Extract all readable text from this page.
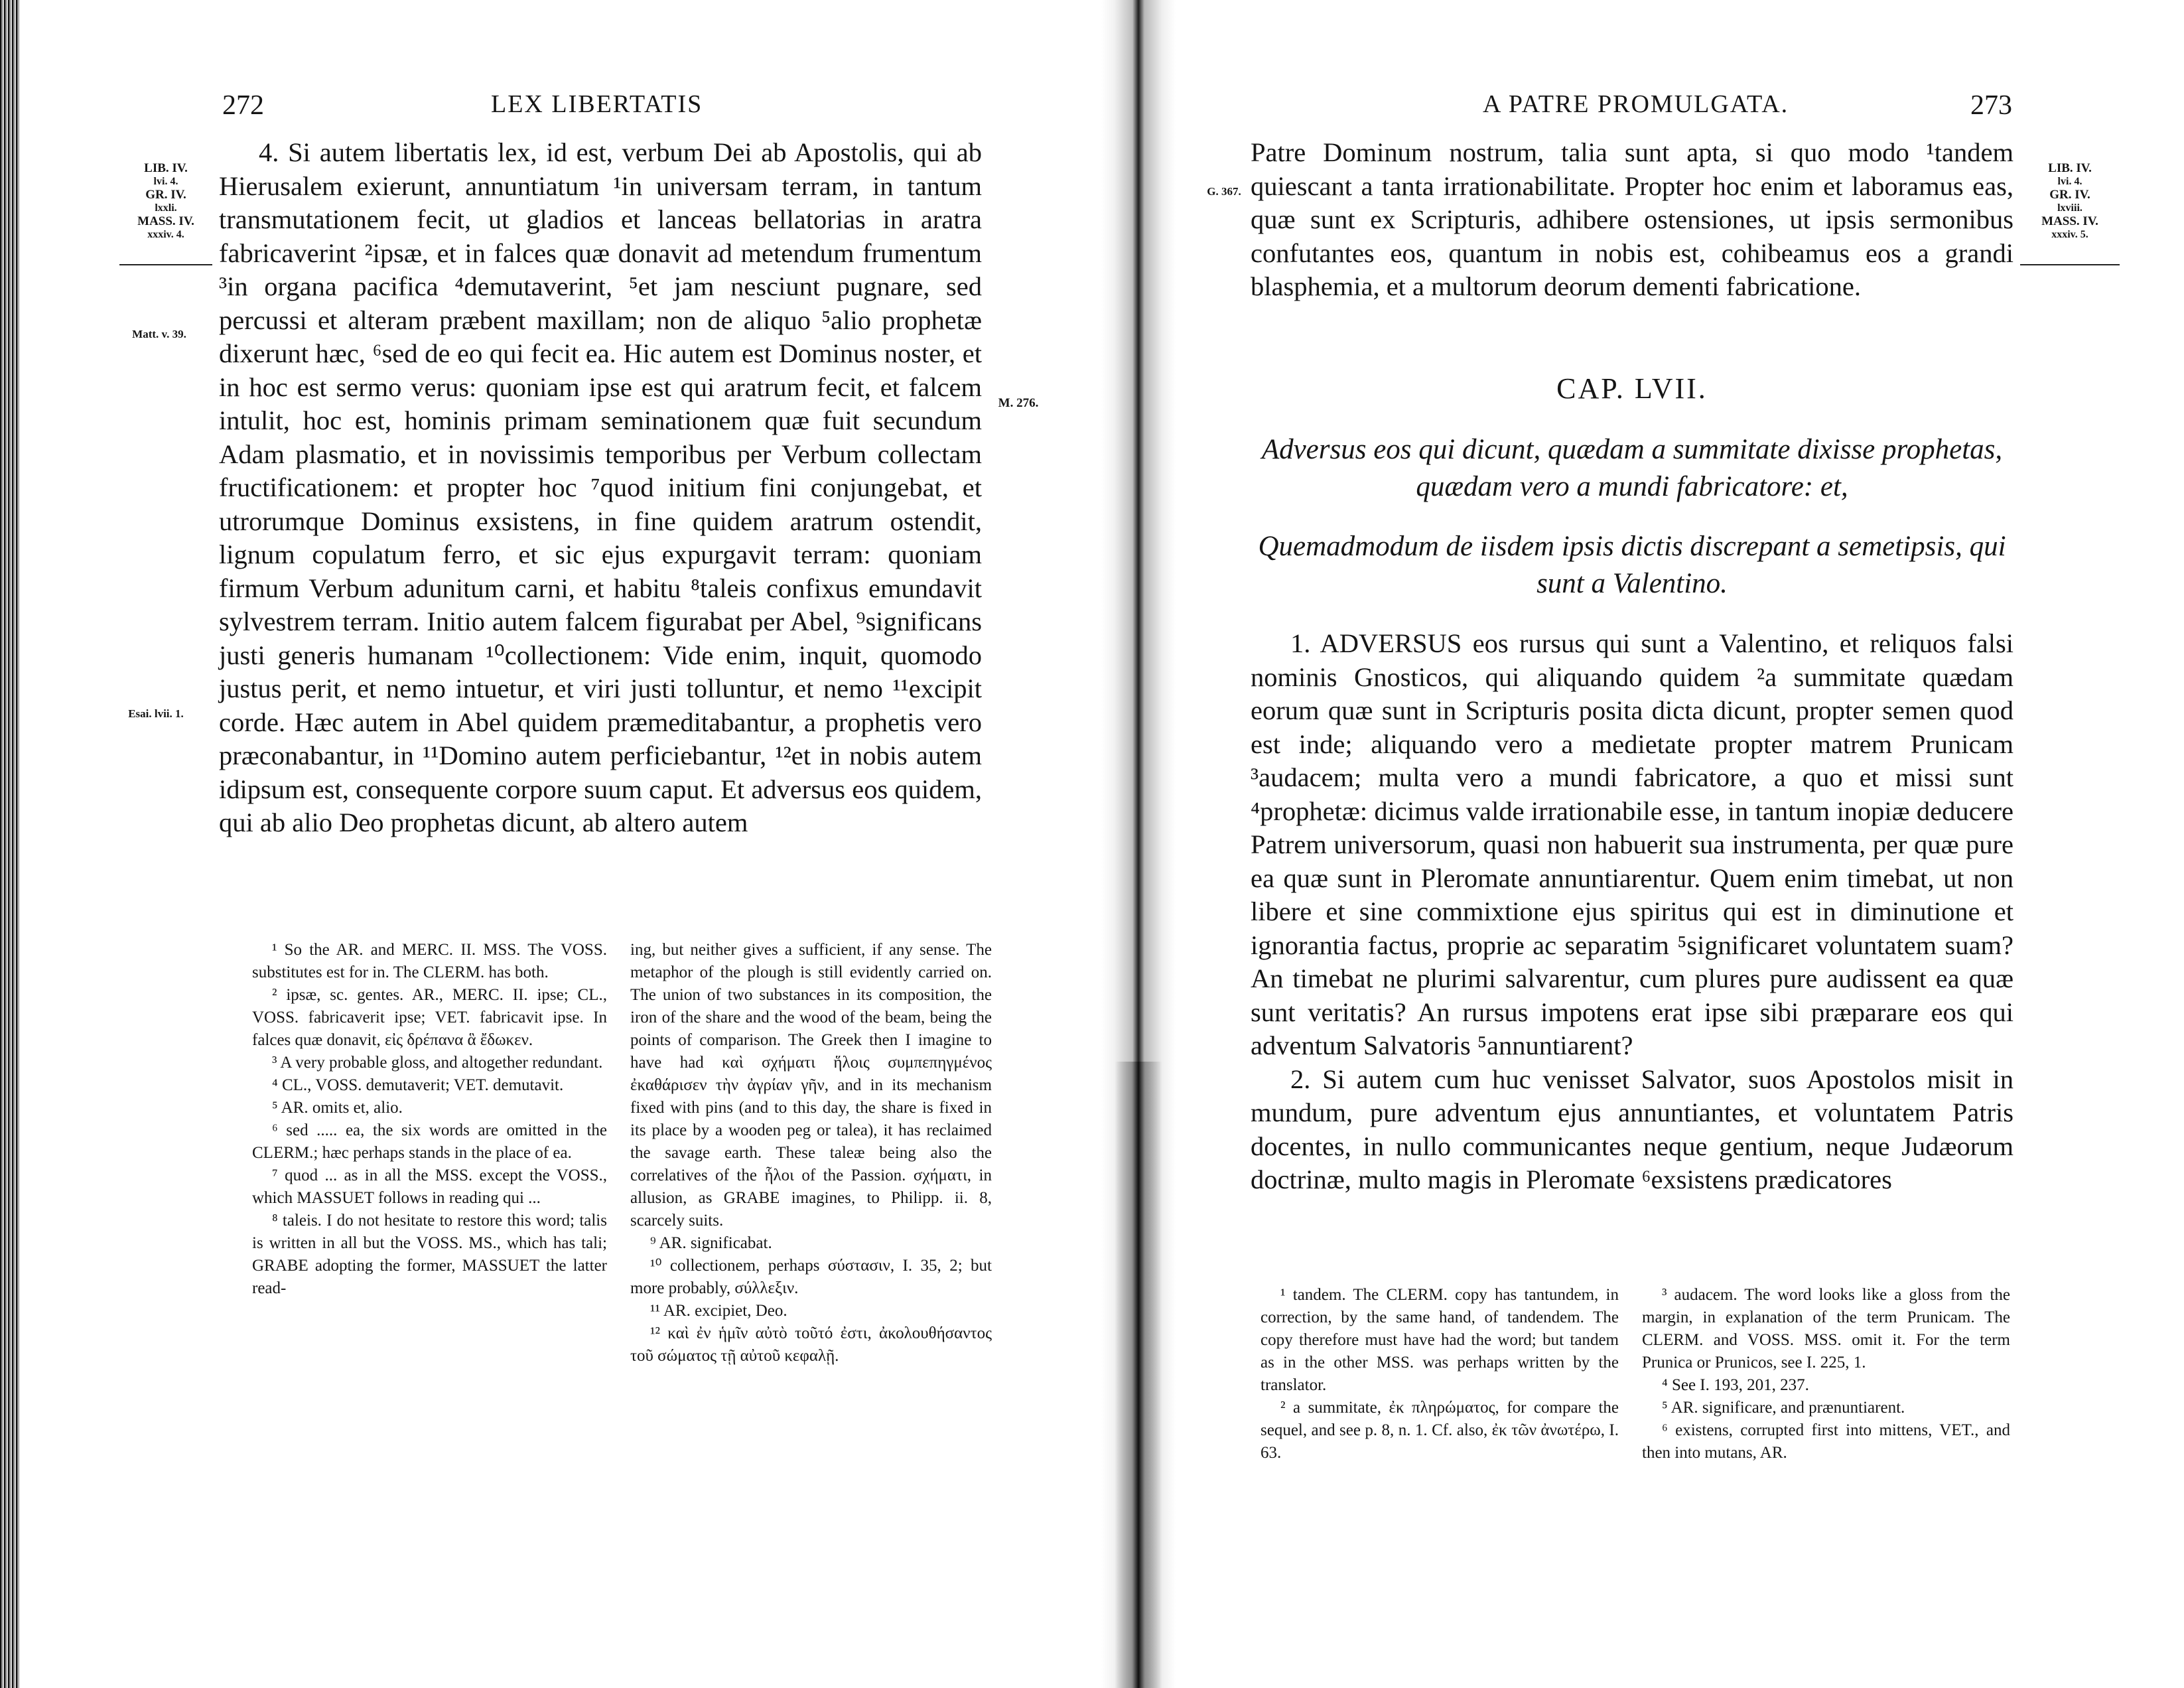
272	LEX LIBERTATIS
LIB. IV.
lvi. 4.
GR. IV.
lxxli.
MASS. IV.
xxxiv. 4.
Matt. v. 39.
Esai. lvii. 1.
M. 276.

4. Si autem libertatis lex, id est, verbum Dei ab Apostolis, qui ab Hierusalem exierunt, annuntiatum ¹in universam terram, in tantum transmutationem fecit, ut gladios et lanceas bellatorias in aratra fabricaverint ²ipsæ, et in falces quæ donavit ad metendum frumentum ³in organa pacifica ⁴demutaverint, ⁵et jam nesciunt pugnare, sed percussi et alteram præbent maxillam; non de aliquo ⁵alio prophetæ dixerunt hæc, ⁶sed de eo qui fecit ea. Hic autem est Dominus noster, et in hoc est sermo verus: quoniam ipse est qui aratrum fecit, et falcem intulit, hoc est, hominis primam seminationem quæ fuit secundum Adam plasmatio, et in novissimis temporibus per Verbum collectam fructificationem: et propter hoc ⁷quod initium fini conjungebat, et utrorumque Dominus exsistens, in fine quidem aratrum ostendit, lignum copulatum ferro, et sic ejus expurgavit terram: quoniam firmum Verbum adunitum carni, et habitu ⁸taleis confixus emundavit sylvestrem terram. Initio autem falcem figurabat per Abel, ⁹significans justi generis humanam ¹⁰collectionem: Vide enim, inquit, quomodo justus perit, et nemo intuetur, et viri justi tolluntur, et nemo ¹¹excipit corde. Hæc autem in Abel quidem præmeditabantur, a prophetis vero præconabantur, in ¹¹Domino autem perficiebantur, ¹²et in nobis autem idipsum est, consequente corpore suum caput. Et adversus eos quidem, qui ab alio Deo prophetas dicunt, ab altero autem

¹ So the AR. and MERC. II. MSS. The VOSS. substitutes est for in. The CLERM. has both.

² ipsæ, sc. gentes. AR., MERC. II. ipse; CL., VOSS. fabricaverit ipse; VET. fabricavit ipse. In falces quæ donavit, εἰς δρέπανα ἃ ἔδωκεν.

³ A very probable gloss, and altogether redundant.

⁴ CL., VOSS. demutaverit; VET. demutavit.

⁵ AR. omits et, alio.

⁶ sed ..... ea, the six words are omitted in the CLERM.; hæc perhaps stands in the place of ea.

⁷ quod ... as in all the MSS. except the VOSS., which MASSUET follows in reading qui ...

⁸ taleis. I do not hesitate to restore this word; talis is written in all but the VOSS. MS., which has tali; GRABE adopting the former, MASSUET the latter read-

ing, but neither gives a sufficient, if any sense. The metaphor of the plough is still evidently carried on. The union of two substances in its composition, the iron of the share and the wood of the beam, being the points of comparison. The Greek then I imagine to have had καὶ σχήματι ἥλοις συμπεπηγμένος ἐκαθάρισεν τὴν ἀγρίαν γῆν, and in its mechanism fixed with pins (and to this day, the share is fixed in its place by a wooden peg or talea), it has reclaimed the savage earth. These taleæ being also the correlatives of the ἧλοι of the Passion. σχήματι, in allusion, as GRABE imagines, to Philipp. ii. 8, scarcely suits.

⁹ AR. significabat.

¹⁰ collectionem, perhaps σύστασιν, I. 35, 2; but more probably, σύλλεξιν.

¹¹ AR. excipiet, Deo.

¹² καὶ ἐν ἡμῖν αὐτὸ τοῦτό ἐστι, ἀκολουθήσαντος τοῦ σώματος τῇ αὐτοῦ κεφαλῇ.

A PATRE PROMULGATA.	273
G. 367.
LIB. IV.
lvi. 4.
GR. IV.
lxviii.
MASS. IV.
xxxiv. 5.

Patre Dominum nostrum, talia sunt apta, si quo modo ¹tandem quiescant a tanta irrationabilitate. Propter hoc enim et laboramus eas, quæ sunt ex Scripturis, adhibere ostensiones, ut ipsis sermonibus confutantes eos, quantum in nobis est, cohibeamus eos a grandi blasphemia, et a multorum deorum dementi fabricatione.

CAP. LVII.
Adversus eos qui dicunt, quædam a summitate dixisse prophetas, quædam vero a mundi fabricatore: et,
Quemadmodum de iisdem ipsis dictis discrepant a semetipsis, qui sunt a Valentino.

1. ADVERSUS eos rursus qui sunt a Valentino, et reliquos falsi nominis Gnosticos, qui aliquando quidem ²a summitate quædam eorum quæ sunt in Scripturis posita dicta dicunt, propter semen quod est inde; aliquando vero a medietate propter matrem Prunicam ³audacem; multa vero a mundi fabricatore, a quo et missi sunt ⁴prophetæ: dicimus valde irrationabile esse, in tantum inopiæ deducere Patrem universorum, quasi non habuerit sua instrumenta, per quæ pure ea quæ sunt in Pleromate annuntiarentur. Quem enim timebat, ut non libere et sine commixtione ejus spiritus qui est in diminutione et ignorantia factus, proprie ac separatim ⁵significaret voluntatem suam? An timebat ne plurimi salvarentur, cum plures pure audissent ea quæ sunt veritatis? An rursus impotens erat ipse sibi præparare eos qui adventum Salvatoris ⁵annuntiarent?

2. Si autem cum huc venisset Salvator, suos Apostolos misit in mundum, pure adventum ejus annuntiantes, et voluntatem Patris docentes, in nullo communicantes neque gentium, neque Judæorum doctrinæ, multo magis in Pleromate ⁶exsistens prædicatores

¹ tandem. The CLERM. copy has tantundem, in correction, by the same hand, of tandendem. The copy therefore must have had the word; but tandem as in the other MSS. was perhaps written by the translator.

² a summitate, ἐκ πληρώματος, for compare the sequel, and see p. 8, n. 1. Cf. also, ἐκ τῶν ἀνωτέρω, I. 63.

³ audacem. The word looks like a gloss from the margin, in explanation of the term Prunicam. The CLERM. and VOSS. MSS. omit it. For the term Prunica or Prunicos, see I. 225, 1.

⁴ See I. 193, 201, 237.

⁵ AR. significare, and prænuntiarent.

⁶ existens, corrupted first into mittens, VET., and then into mutans, AR.
